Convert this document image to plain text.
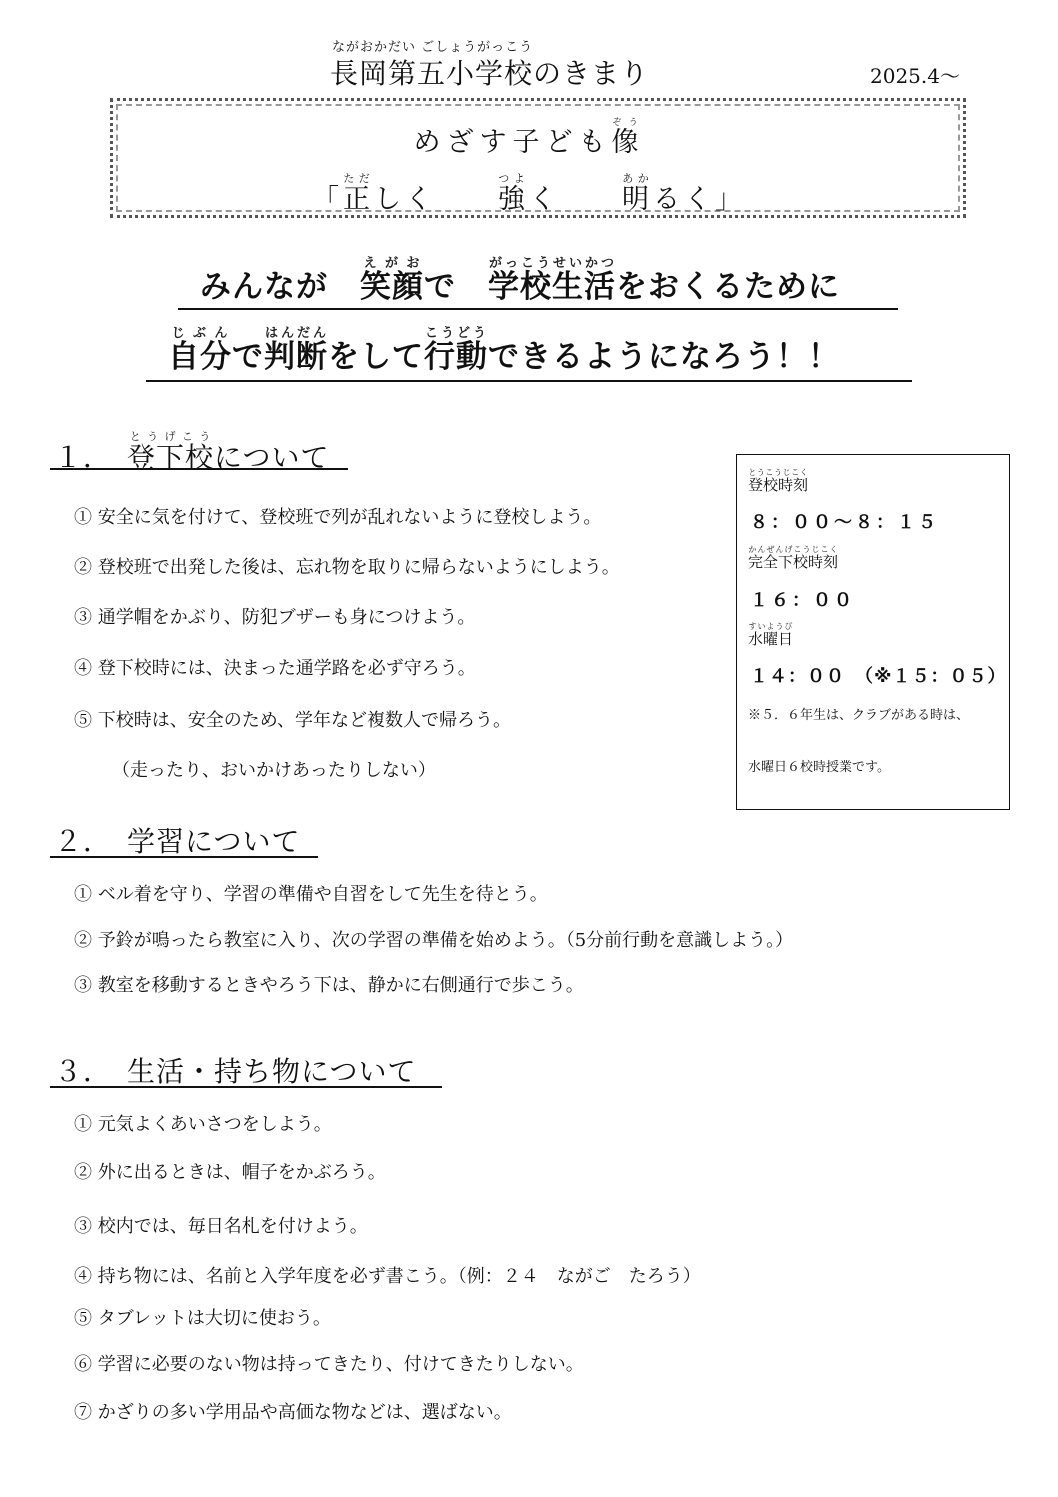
ながおかだい ごしょうがっこう
長岡第五小学校のきまり	2025.4～
めざす子ども像ぞう
「正ただしく　　強つよく　　明あかるく」
みんなが　笑顔えがおで　学校生活がっこうせいかつをおくるために
自分じぶんで判断はんだんをして行動こうどうできるようになろう！！
１．　 登下校とうげこうについて
① 安全に気を付けて、登校班で列が乱れないように登校しよう。
② 登校班で出発した後は、忘れ物を取りに帰らないようにしよう。
③ 通学帽をかぶり、防犯ブザーも身につけよう。
④ 登下校時には、決まった通学路を必ず守ろう。
⑤ 下校時は、安全のため、学年など複数人で帰ろう。
（走ったり、おいかけあったりしない）
登校時刻とうこうじこく
８：００～８：１５
完全下校時刻かんぜんげこうじこく
１６：００
水曜日すいようび
１４：００　（※１５：０５）
※５．６年生は、クラブがある時は、
水曜日６校時授業です。
２．　 学習について
① ベル着を守り、学習の準備や自習をして先生を待とう。
② 予鈴が鳴ったら教室に入り、次の学習の準備を始めよう。（5分前行動を意識しよう。）
③ 教室を移動するときやろう下は、静かに右側通行で歩こう。
３．　 生活・持ち物について
① 元気よくあいさつをしよう。
② 外に出るときは、帽子をかぶろう。
③ 校内では、毎日名札を付けよう。
④ 持ち物には、名前と入学年度を必ず書こう。（例：２４　ながご　たろう）
⑤ タブレットは大切に使おう。
⑥ 学習に必要のない物は持ってきたり、付けてきたりしない。
⑦ かざりの多い学用品や高価な物などは、選ばない。
